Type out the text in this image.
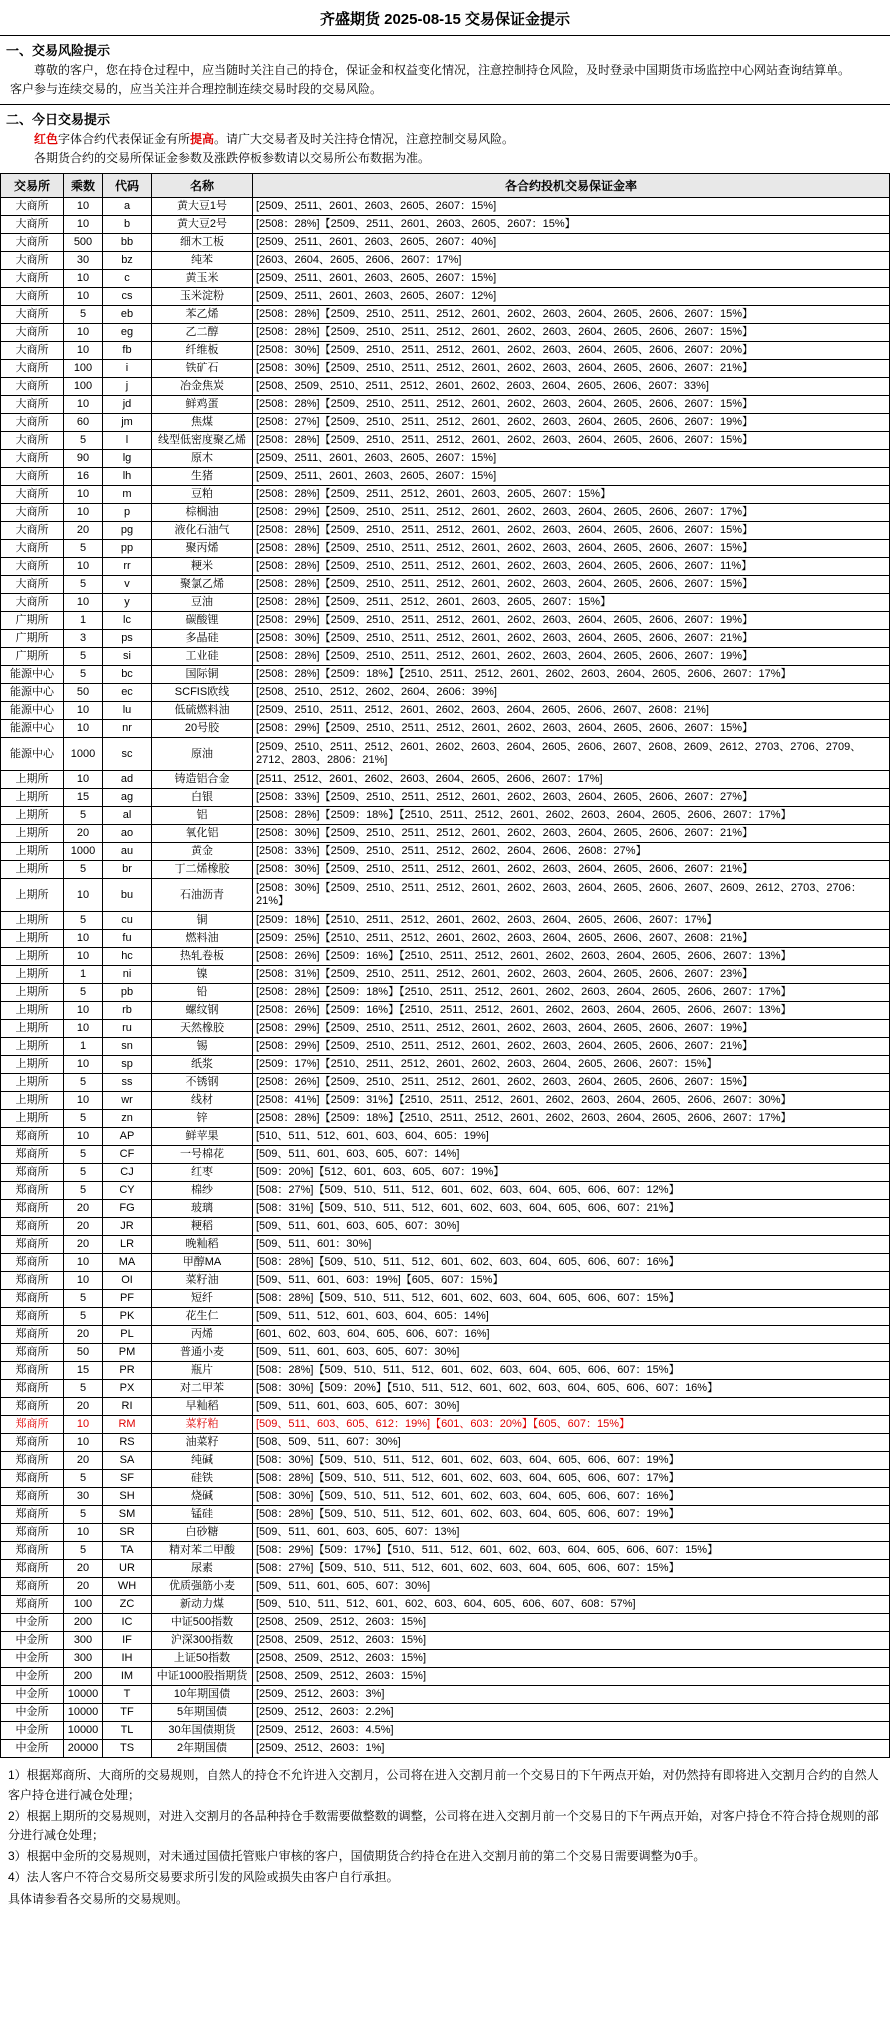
齐盛期货 2025-08-15 交易保证金提示
一、交易风险提示
尊敬的客户，您在持仓过程中，应当随时关注自己的持仓，保证金和权益变化情况，注意控制持仓风险，及时登录中国期货市场监控中心网站查询结算单。
客户参与连续交易的，应当关注并合理控制连续交易时段的交易风险。
二、今日交易提示
红色字体合约代表保证金有所提高。请广大交易者及时关注持仓情况，注意控制交易风险。
各期货合约的交易所保证金参数及涨跌停板参数请以交易所公布数据为准。
交易所	乘数	代码	名称	各合约投机交易保证金率
大商所	10	a	黄大豆1号	[2509、2511、2601、2603、2605、2607：15%]
大商所	10	b	黄大豆2号	[2508：28%]【2509、2511、2601、2603、2605、2607：15%】
大商所	500	bb	细木工板	[2509、2511、2601、2603、2605、2607：40%]
大商所	30	bz	纯苯	[2603、2604、2605、2606、2607：17%]
大商所	10	c	黄玉米	[2509、2511、2601、2603、2605、2607：15%]
大商所	10	cs	玉米淀粉	[2509、2511、2601、2603、2605、2607：12%]
大商所	5	eb	苯乙烯	[2508：28%]【2509、2510、2511、2512、2601、2602、2603、2604、2605、2606、2607：15%】
大商所	10	eg	乙二醇	[2508：28%]【2509、2510、2511、2512、2601、2602、2603、2604、2605、2606、2607：15%】
大商所	10	fb	纤维板	[2508：30%]【2509、2510、2511、2512、2601、2602、2603、2604、2605、2606、2607：20%】
大商所	100	i	铁矿石	[2508：30%]【2509、2510、2511、2512、2601、2602、2603、2604、2605、2606、2607：21%】
大商所	100	j	冶金焦炭	[2508、2509、2510、2511、2512、2601、2602、2603、2604、2605、2606、2607：33%]
大商所	10	jd	鲜鸡蛋	[2508：28%]【2509、2510、2511、2512、2601、2602、2603、2604、2605、2606、2607：15%】
大商所	60	jm	焦煤	[2508：27%]【2509、2510、2511、2512、2601、2602、2603、2604、2605、2606、2607：19%】
大商所	5	l	线型低密度聚乙烯	[2508：28%]【2509、2510、2511、2512、2601、2602、2603、2604、2605、2606、2607：15%】
大商所	90	lg	原木	[2509、2511、2601、2603、2605、2607：15%]
大商所	16	lh	生猪	[2509、2511、2601、2603、2605、2607：15%]
大商所	10	m	豆粕	[2508：28%]【2509、2511、2512、2601、2603、2605、2607：15%】
大商所	10	p	棕榈油	[2508：29%]【2509、2510、2511、2512、2601、2602、2603、2604、2605、2606、2607：17%】
大商所	20	pg	液化石油气	[2508：28%]【2509、2510、2511、2512、2601、2602、2603、2604、2605、2606、2607：15%】
大商所	5	pp	聚丙烯	[2508：28%]【2509、2510、2511、2512、2601、2602、2603、2604、2605、2606、2607：15%】
大商所	10	rr	粳米	[2508：28%]【2509、2510、2511、2512、2601、2602、2603、2604、2605、2606、2607：11%】
大商所	5	v	聚氯乙烯	[2508：28%]【2509、2510、2511、2512、2601、2602、2603、2604、2605、2606、2607：15%】
大商所	10	y	豆油	[2508：28%]【2509、2511、2512、2601、2603、2605、2607：15%】
广期所	1	lc	碳酸锂	[2508：29%]【2509、2510、2511、2512、2601、2602、2603、2604、2605、2606、2607：19%】
广期所	3	ps	多晶硅	[2508：30%]【2509、2510、2511、2512、2601、2602、2603、2604、2605、2606、2607：21%】
广期所	5	si	工业硅	[2508：28%]【2509、2510、2511、2512、2601、2602、2603、2604、2605、2606、2607：19%】
能源中心	5	bc	国际铜	[2508：28%]【2509：18%】【2510、2511、2512、2601、2602、2603、2604、2605、2606、2607：17%】
能源中心	50	ec	SCFIS欧线	[2508、2510、2512、2602、2604、2606：39%]
能源中心	10	lu	低硫燃料油	[2509、2510、2511、2512、2601、2602、2603、2604、2605、2606、2607、2608：21%]
能源中心	10	nr	20号胶	[2508：29%]【2509、2510、2511、2512、2601、2602、2603、2604、2605、2606、2607：15%】
能源中心	1000	sc	原油	[2509、2510、2511、2512、2601、2602、2603、2604、2605、2606、2607、2608、2609、2612、2703、2706、2709、2712、2803、2806：21%]
上期所	10	ad	铸造铝合金	[2511、2512、2601、2602、2603、2604、2605、2606、2607：17%]
上期所	15	ag	白银	[2508：33%]【2509、2510、2511、2512、2601、2602、2603、2604、2605、2606、2607：27%】
上期所	5	al	铝	[2508：28%]【2509：18%】【2510、2511、2512、2601、2602、2603、2604、2605、2606、2607：17%】
上期所	20	ao	氧化铝	[2508：30%]【2509、2510、2511、2512、2601、2602、2603、2604、2605、2606、2607：21%】
上期所	1000	au	黄金	[2508：33%]【2509、2510、2511、2512、2602、2604、2606、2608：27%】
上期所	5	br	丁二烯橡胶	[2508：30%]【2509、2510、2511、2512、2601、2602、2603、2604、2605、2606、2607：21%】
上期所	10	bu	石油沥青	[2508：30%]【2509、2510、2511、2512、2601、2602、2603、2604、2605、2606、2607、2609、2612、2703、2706：21%】
上期所	5	cu	铜	[2509：18%]【2510、2511、2512、2601、2602、2603、2604、2605、2606、2607：17%】
上期所	10	fu	燃料油	[2509：25%]【2510、2511、2512、2601、2602、2603、2604、2605、2606、2607、2608：21%】
上期所	10	hc	热轧卷板	[2508：26%]【2509：16%】【2510、2511、2512、2601、2602、2603、2604、2605、2606、2607：13%】
上期所	1	ni	镍	[2508：31%]【2509、2510、2511、2512、2601、2602、2603、2604、2605、2606、2607：23%】
上期所	5	pb	铅	[2508：28%]【2509：18%】【2510、2511、2512、2601、2602、2603、2604、2605、2606、2607：17%】
上期所	10	rb	螺纹钢	[2508：26%]【2509：16%】【2510、2511、2512、2601、2602、2603、2604、2605、2606、2607：13%】
上期所	10	ru	天然橡胶	[2508：29%]【2509、2510、2511、2512、2601、2602、2603、2604、2605、2606、2607：19%】
上期所	1	sn	锡	[2508：29%]【2509、2510、2511、2512、2601、2602、2603、2604、2605、2606、2607：21%】
上期所	10	sp	纸浆	[2509：17%]【2510、2511、2512、2601、2602、2603、2604、2605、2606、2607：15%】
上期所	5	ss	不锈钢	[2508：26%]【2509、2510、2511、2512、2601、2602、2603、2604、2605、2606、2607：15%】
上期所	10	wr	线材	[2508：41%]【2509：31%】【2510、2511、2512、2601、2602、2603、2604、2605、2606、2607：30%】
上期所	5	zn	锌	[2508：28%]【2509：18%】【2510、2511、2512、2601、2602、2603、2604、2605、2606、2607：17%】
郑商所	10	AP	鲜苹果	[510、511、512、601、603、604、605：19%]
郑商所	5	CF	一号棉花	[509、511、601、603、605、607：14%]
郑商所	5	CJ	红枣	[509：20%]【512、601、603、605、607：19%】
郑商所	5	CY	棉纱	[508：27%]【509、510、511、512、601、602、603、604、605、606、607：12%】
郑商所	20	FG	玻璃	[508：31%]【509、510、511、512、601、602、603、604、605、606、607：21%】
郑商所	20	JR	粳稻	[509、511、601、603、605、607：30%]
郑商所	20	LR	晚籼稻	[509、511、601：30%]
郑商所	10	MA	甲醇MA	[508：28%]【509、510、511、512、601、602、603、604、605、606、607：16%】
郑商所	10	OI	菜籽油	[509、511、601、603：19%]【605、607：15%】
郑商所	5	PF	短纤	[508：28%]【509、510、511、512、601、602、603、604、605、606、607：15%】
郑商所	5	PK	花生仁	[509、511、512、601、603、604、605：14%]
郑商所	20	PL	丙烯	[601、602、603、604、605、606、607：16%]
郑商所	50	PM	普通小麦	[509、511、601、603、605、607：30%]
郑商所	15	PR	瓶片	[508：28%]【509、510、511、512、601、602、603、604、605、606、607：15%】
郑商所	5	PX	对二甲苯	[508：30%]【509：20%】【510、511、512、601、602、603、604、605、606、607：16%】
郑商所	20	RI	早籼稻	[509、511、601、603、605、607：30%]
郑商所	10	RM	菜籽粕	[509、511、603、605、612：19%]【601、603：20%】【605、607：15%】
郑商所	10	RS	油菜籽	[508、509、511、607：30%]
郑商所	20	SA	纯碱	[508：30%]【509、510、511、512、601、602、603、604、605、606、607：19%】
郑商所	5	SF	硅铁	[508：28%]【509、510、511、512、601、602、603、604、605、606、607：17%】
郑商所	30	SH	烧碱	[508：30%]【509、510、511、512、601、602、603、604、605、606、607：16%】
郑商所	5	SM	锰硅	[508：28%]【509、510、511、512、601、602、603、604、605、606、607：19%】
郑商所	10	SR	白砂糖	[509、511、601、603、605、607：13%]
郑商所	5	TA	精对苯二甲酸	[508：29%]【509：17%】【510、511、512、601、602、603、604、605、606、607：15%】
郑商所	20	UR	尿素	[508：27%]【509、510、511、512、601、602、603、604、605、606、607：15%】
郑商所	20	WH	优质强筋小麦	[509、511、601、605、607：30%]
郑商所	100	ZC	新动力煤	[509、510、511、512、601、602、603、604、605、606、607、608：57%]
中金所	200	IC	中证500指数	[2508、2509、2512、2603：15%]
中金所	300	IF	沪深300指数	[2508、2509、2512、2603：15%]
中金所	300	IH	上证50指数	[2508、2509、2512、2603：15%]
中金所	200	IM	中证1000股指期货	[2508、2509、2512、2603：15%]
中金所	10000	T	10年期国债	[2509、2512、2603：3%]
中金所	10000	TF	5年期国债	[2509、2512、2603：2.2%]
中金所	10000	TL	30年国债期货	[2509、2512、2603：4.5%]
中金所	20000	TS	2年期国债	[2509、2512、2603：1%]

1）根据郑商所、大商所的交易规则，自然人的持仓不允许进入交割月，公司将在进入交割月前一个交易日的下午两点开始，对仍然持有即将进入交割月合约的自然人客户持仓进行减仓处理；

2）根据上期所的交易规则，对进入交割月的各品种持仓手数需要做整数的调整，公司将在进入交割月前一个交易日的下午两点开始，对客户持仓不符合持仓规则的部分进行减仓处理；

3）根据中金所的交易规则，对未通过国债托管账户审核的客户，国债期货合约持仓在进入交割月前的第二个交易日需要调整为0手。

4）法人客户不符合交易所交易要求所引发的风险或损失由客户自行承担。

具体请参看各交易所的交易规则。
